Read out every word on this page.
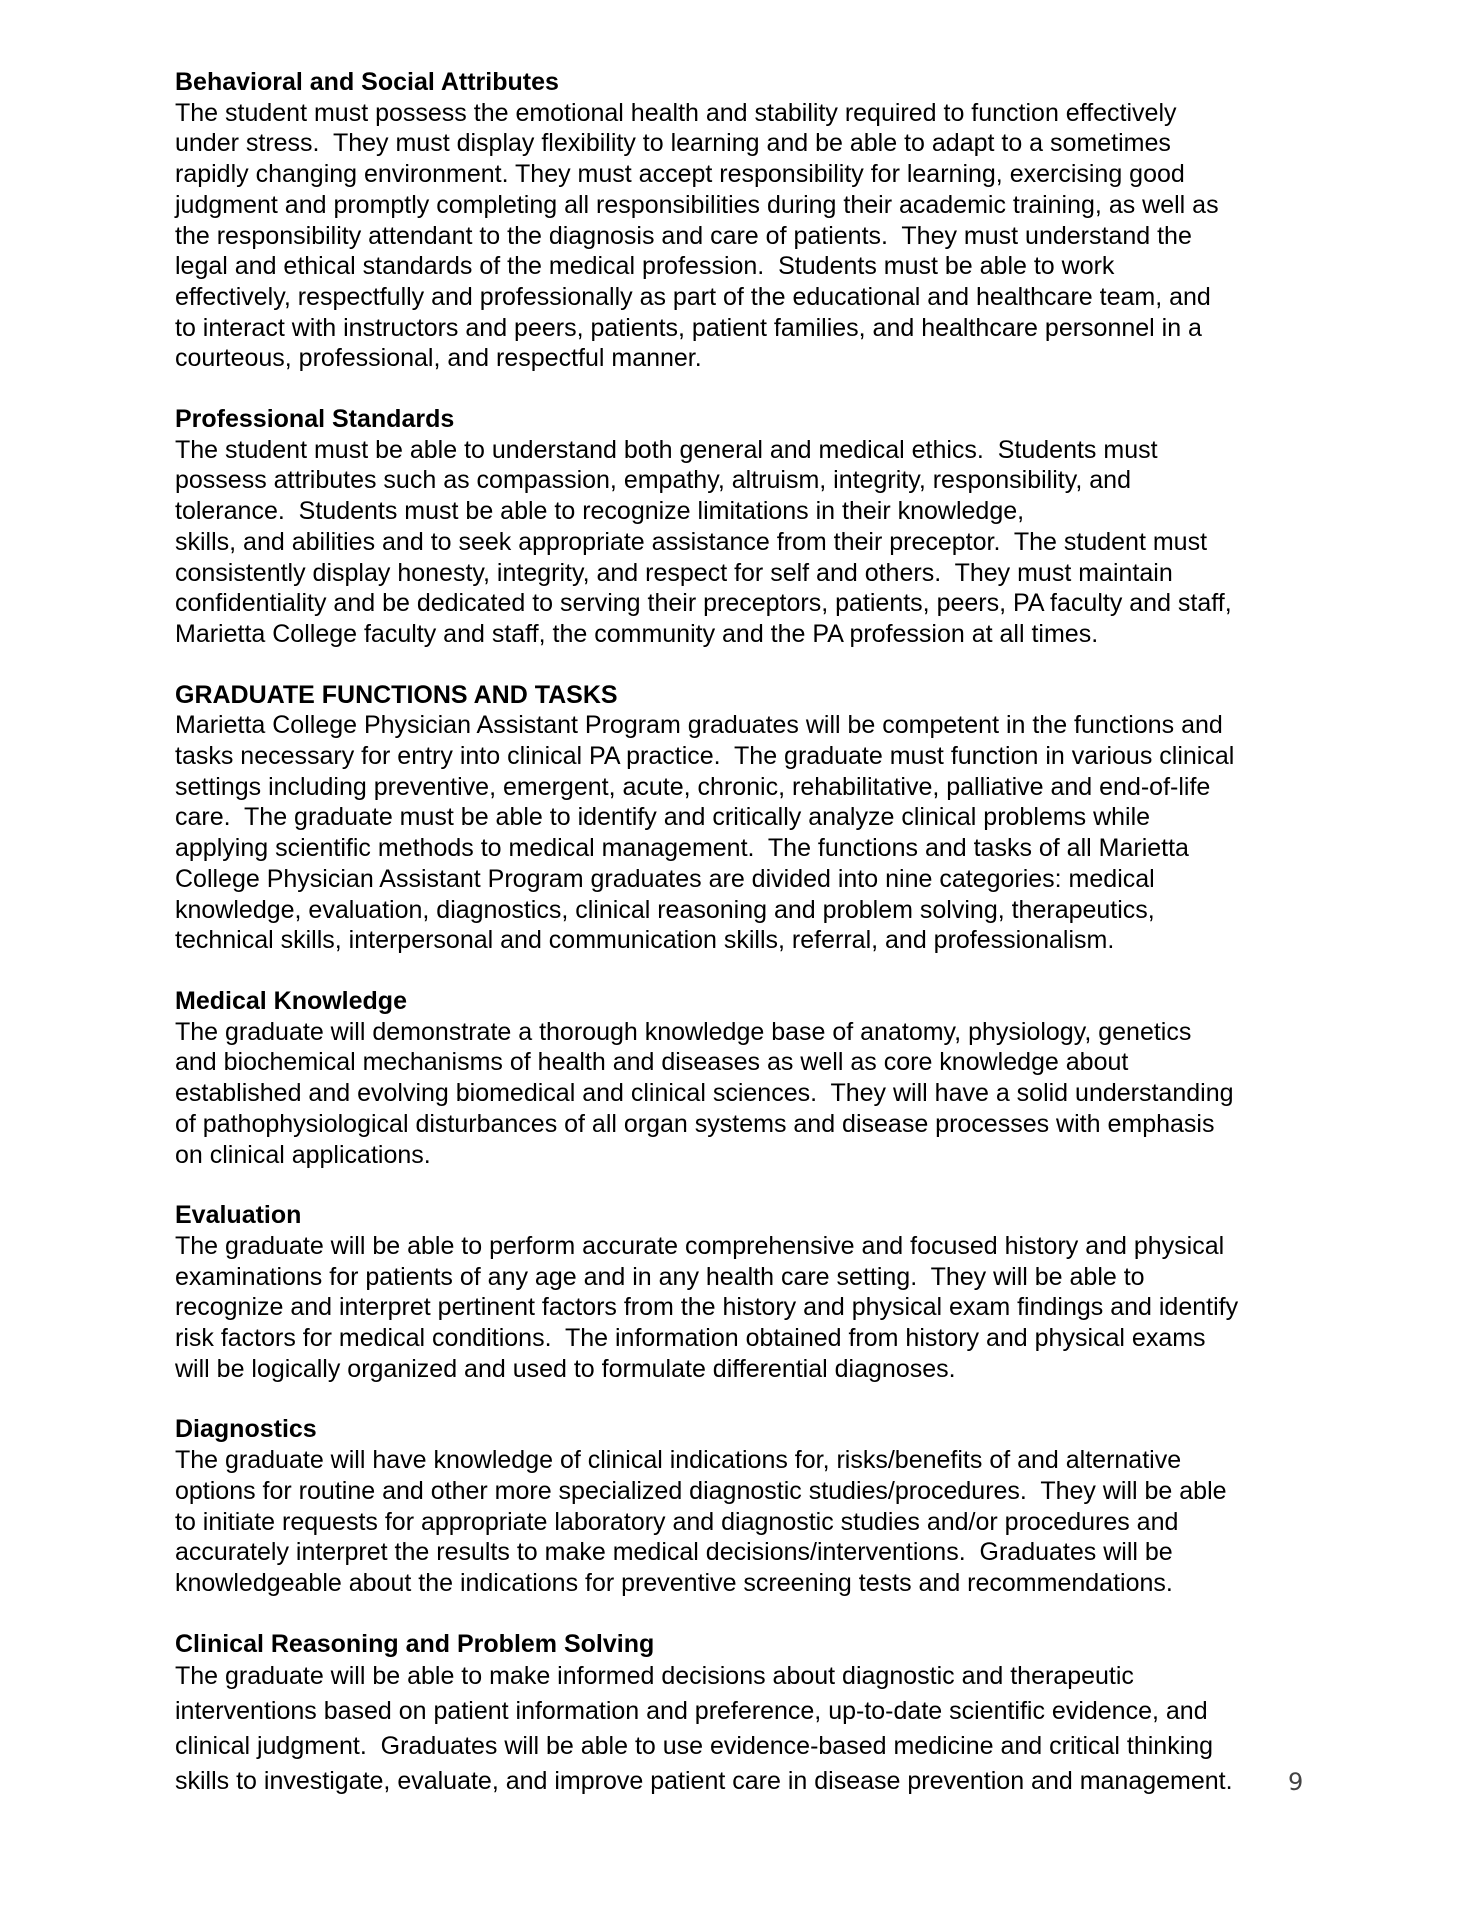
Behavioral and Social Attributes

The student must possess the emotional health and stability required to function effectively
under stress.  They must display flexibility to learning and be able to adapt to a sometimes
rapidly changing environment. They must accept responsibility for learning, exercising good
judgment and promptly completing all responsibilities during their academic training, as well as
the responsibility attendant to the diagnosis and care of patients.  They must understand the
legal and ethical standards of the medical profession.  Students must be able to work
effectively, respectfully and professionally as part of the educational and healthcare team, and
to interact with instructors and peers, patients, patient families, and healthcare personnel in a
courteous, professional, and respectful manner.

Professional Standards

The student must be able to understand both general and medical ethics.  Students must
possess attributes such as compassion, empathy, altruism, integrity, responsibility, and
tolerance.  Students must be able to recognize limitations in their knowledge,
skills, and abilities and to seek appropriate assistance from their preceptor.  The student must
consistently display honesty, integrity, and respect for self and others.  They must maintain
confidentiality and be dedicated to serving their preceptors, patients, peers, PA faculty and staff,
Marietta College faculty and staff, the community and the PA profession at all times.

GRADUATE FUNCTIONS AND TASKS

Marietta College Physician Assistant Program graduates will be competent in the functions and
tasks necessary for entry into clinical PA practice.  The graduate must function in various clinical
settings including preventive, emergent, acute, chronic, rehabilitative, palliative and end-of-life
care.  The graduate must be able to identify and critically analyze clinical problems while
applying scientific methods to medical management.  The functions and tasks of all Marietta
College Physician Assistant Program graduates are divided into nine categories: medical
knowledge, evaluation, diagnostics, clinical reasoning and problem solving, therapeutics,
technical skills, interpersonal and communication skills, referral, and professionalism.

Medical Knowledge

The graduate will demonstrate a thorough knowledge base of anatomy, physiology, genetics
and biochemical mechanisms of health and diseases as well as core knowledge about
established and evolving biomedical and clinical sciences.  They will have a solid understanding
of pathophysiological disturbances of all organ systems and disease processes with emphasis
on clinical applications.

Evaluation

The graduate will be able to perform accurate comprehensive and focused history and physical
examinations for patients of any age and in any health care setting.  They will be able to
recognize and interpret pertinent factors from the history and physical exam findings and identify
risk factors for medical conditions.  The information obtained from history and physical exams
will be logically organized and used to formulate differential diagnoses.

Diagnostics

The graduate will have knowledge of clinical indications for, risks/benefits of and alternative
options for routine and other more specialized diagnostic studies/procedures.  They will be able
to initiate requests for appropriate laboratory and diagnostic studies and/or procedures and
accurately interpret the results to make medical decisions/interventions.  Graduates will be
knowledgeable about the indications for preventive screening tests and recommendations.

Clinical Reasoning and Problem Solving

The graduate will be able to make informed decisions about diagnostic and therapeutic
interventions based on patient information and preference, up-to-date scientific evidence, and
clinical judgment.  Graduates will be able to use evidence-based medicine and critical thinking
skills to investigate, evaluate, and improve patient care in disease prevention and management.	9
